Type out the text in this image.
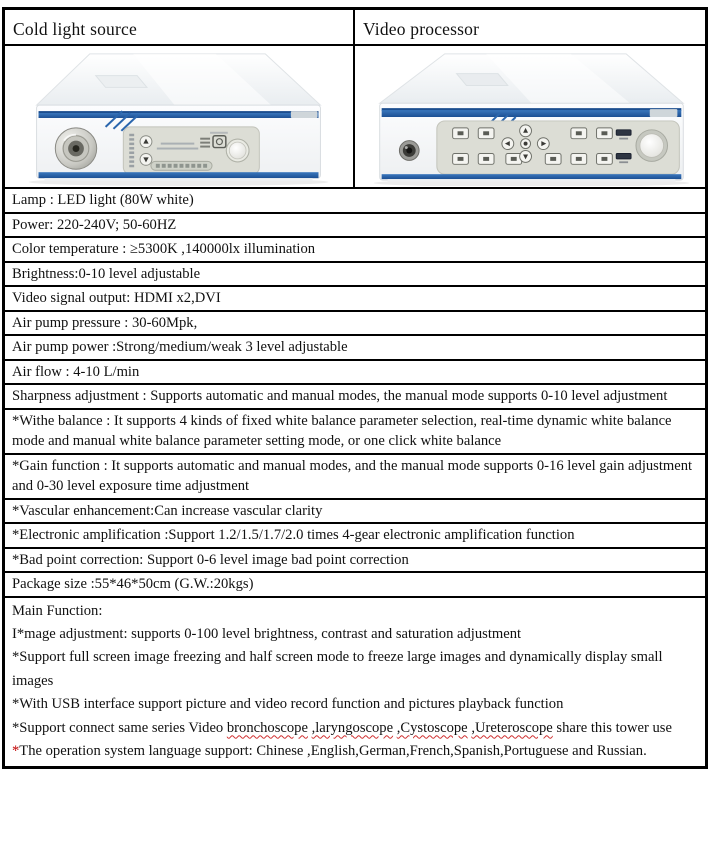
Cold light source	Video processor
Lamp : LED light (80W white)
Power: 220-240V; 50-60HZ
Color temperature : ≥5300K ,140000lx illumination
Brightness:0-10 level adjustable
Video signal output: HDMI x2,DVI
Air pump pressure : 30-60Mpk,
Air pump power :Strong/medium/weak 3 level adjustable
Air flow : 4-10 L/min
Sharpness adjustment : Supports automatic and manual modes, the manual mode supports 0-10 level adjustment
*Withe balance : It supports 4 kinds of fixed white balance parameter selection, real-time dynamic white balance mode and manual white balance parameter setting mode, or one click white balance
*Gain function : It supports automatic and manual modes, and the manual mode supports 0-16 level gain adjustment and 0-30 level exposure time adjustment
*Vascular enhancement:Can increase vascular clarity
*Electronic amplification :Support 1.2/1.5/1.7/2.0 times 4-gear electronic amplification function
*Bad point correction: Support 0-6 level image bad point correction
Package size :55*46*50cm (G.W.:20kgs)
Main Function:
I*mage adjustment: supports 0-100 level brightness, contrast and saturation adjustment
*Support full screen image freezing and half screen mode to freeze large images and dynamically display small images
*With USB interface support picture and video record function and pictures playback function
*Support connect same series Video bronchoscope ,laryngoscope ,Cystoscope ,Ureteroscope share this tower use
*The operation system language support: Chinese ,English,German,French,Spanish,Portuguese and Russian.
